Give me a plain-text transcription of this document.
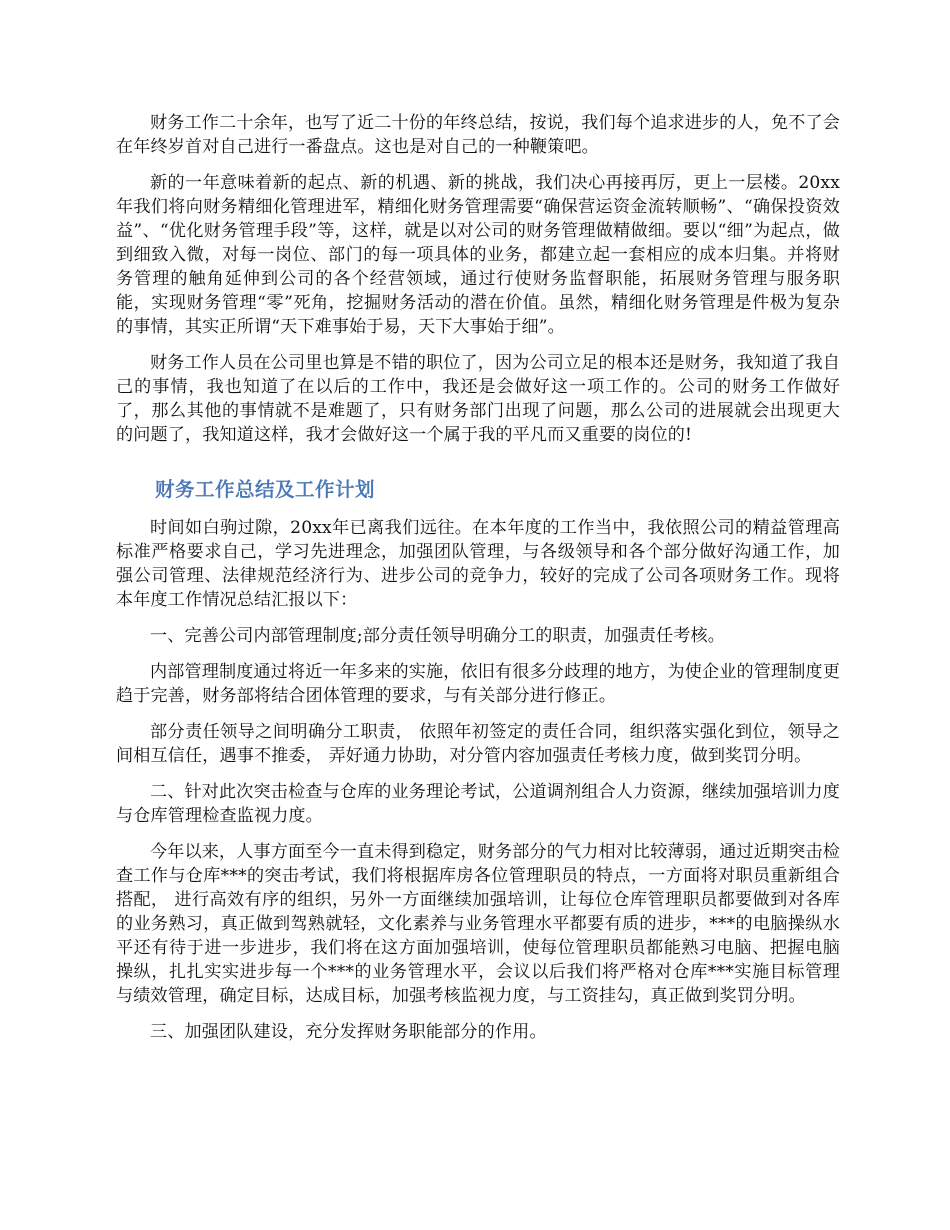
财务工作二十余年，也写了近二十份的年终总结，按说，我们每个追求进步的人，免不了会在年终岁首对自己进行一番盘点。这也是对自己的一种鞭策吧。

新的一年意味着新的起点、新的机遇、新的挑战，我们决心再接再厉，更上一层楼。20xx年我们将向财务精细化管理进军，精细化财务管理需要“确保营运资金流转顺畅”、“确保投资效益”、“优化财务管理手段”等，这样，就是以对公司的财务管理做精做细。要以“细”为起点，做到细致入微，对每一岗位、部门的每一项具体的业务，都建立起一套相应的成本归集。并将财务管理的触角延伸到公司的各个经营领域，通过行使财务监督职能，拓展财务管理与服务职能，实现财务管理“零”死角，挖掘财务活动的潜在价值。虽然，精细化财务管理是件极为复杂的事情，其实正所谓“天下难事始于易，天下大事始于细”。

财务工作人员在公司里也算是不错的职位了，因为公司立足的根本还是财务，我知道了我自己的事情，我也知道了在以后的工作中，我还是会做好这一项工作的。公司的财务工作做好了，那么其他的事情就不是难题了，只有财务部门出现了问题，那么公司的进展就会出现更大的问题了，我知道这样，我才会做好这一个属于我的平凡而又重要的岗位的!

财务工作总结及工作计划

时间如白驹过隙，20xx年已离我们远往。在本年度的工作当中，我依照公司的精益管理高标准严格要求自己，学习先进理念，加强团队管理，与各级领导和各个部分做好沟通工作，加强公司管理、法律规范经济行为、进步公司的竞争力，较好的完成了公司各项财务工作。现将本年度工作情况总结汇报以下：

一、完善公司内部管理制度;部分责任领导明确分工的职责，加强责任考核。

内部管理制度通过将近一年多来的实施，依旧有很多分歧理的地方，为使企业的管理制度更趋于完善，财务部将结合团体管理的要求，与有关部分进行修正。

部分责任领导之间明确分工职责， 依照年初签定的责任合同，组织落实强化到位，领导之间相互信任，遇事不推委， 弄好通力协助，对分管内容加强责任考核力度，做到奖罚分明。

二、针对此次突击检查与仓库的业务理论考试，公道调剂组合人力资源，继续加强培训力度与仓库管理检查监视力度。

今年以来，人事方面至今一直未得到稳定，财务部分的气力相对比较薄弱，通过近期突击检查工作与仓库***的突击考试，我们将根据库房各位管理职员的特点，一方面将对职员重新组合搭配， 进行高效有序的组织，另外一方面继续加强培训，让每位仓库管理职员都要做到对各库的业务熟习，真正做到驾熟就轻，文化素养与业务管理水平都要有质的进步，***的电脑操纵水平还有待于进一步进步，我们将在这方面加强培训，使每位管理职员都能熟习电脑、把握电脑操纵，扎扎实实进步每一个***的业务管理水平，会议以后我们将严格对仓库***实施目标管理与绩效管理，确定目标，达成目标，加强考核监视力度，与工资挂勾，真正做到奖罚分明。

三、加强团队建设，充分发挥财务职能部分的作用。
